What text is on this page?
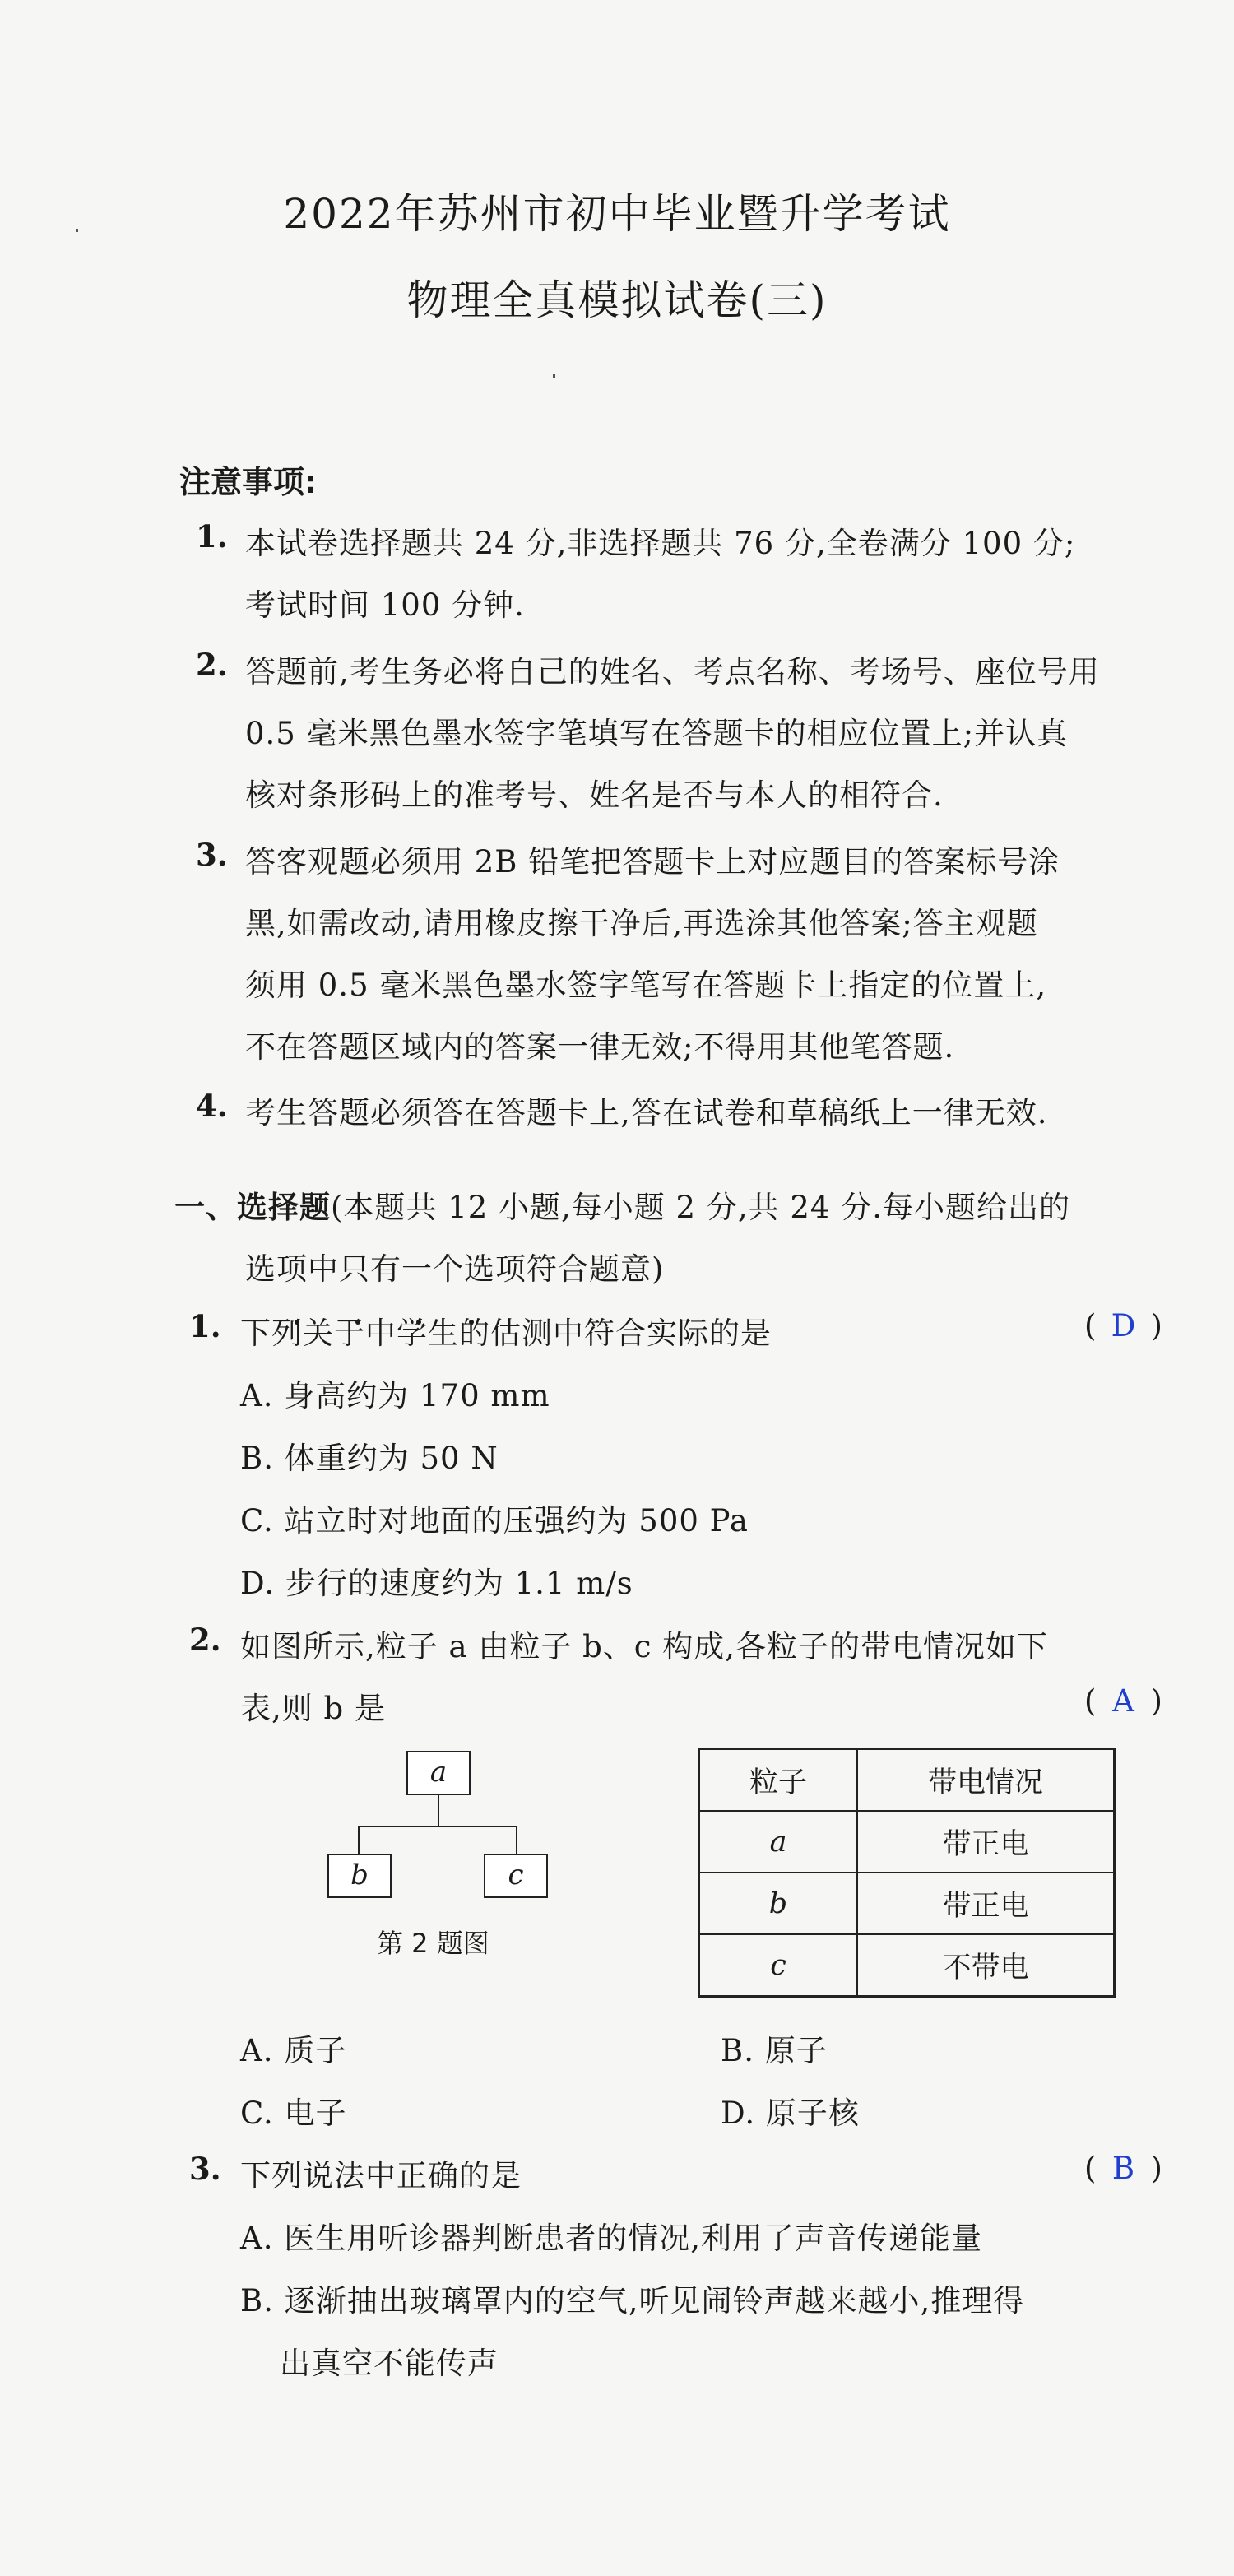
2022年苏州市初中毕业暨升学考试
物理全真模拟试卷(三)
注意事项:
1. 本试卷选择题共 24 分,非选择题共 76 分,全卷满分 100 分;
考试时间 100 分钟.
2. 答题前,考生务必将自己的姓名、考点名称、考场号、座位号用
0.5 毫米黑色墨水签字笔填写在答题卡的相应位置上;并认真
核对条形码上的准考号、姓名是否与本人的相符合.
3. 答客观题必须用 2B 铅笔把答题卡上对应题目的答案标号涂
黑,如需改动,请用橡皮擦干净后,再选涂其他答案;答主观题
须用 0.5 毫米黑色墨水签字笔写在答题卡上指定的位置上,
不在答题区域内的答案一律无效;不得用其他笔答题.
4. 考生答题必须答在答题卡上,答在试卷和草稿纸上一律无效.
一、选择题(本题共 12 小题,每小题 2 分,共 24 分.每小题给出的
选项中只有一个选项符合题意)
1. 下列关于中学生的估测中符合实际的是	( D )
A. 身高约为 170 mm
B. 体重约为 50 N
C. 站立时对地面的压强约为 500 Pa
D. 步行的速度约为 1.1 m/s
2. 如图所示,粒子 a 由粒子 b、c 构成,各粒子的带电情况如下
表,则 b 是	( A )
a
b	c
第 2 题图
粒子	带电情况
a	带正电
b	带正电
c	不带电
A. 质子	B. 原子
C. 电子	D. 原子核
3. 下列说法中正确的是	( B )
A. 医生用听诊器判断患者的情况,利用了声音传递能量
B. 逐渐抽出玻璃罩内的空气,听见闹铃声越来越小,推理得
出真空不能传声
